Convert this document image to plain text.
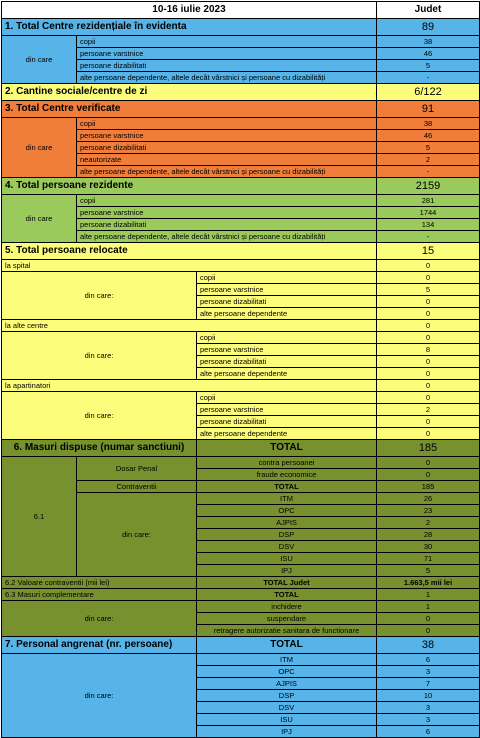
10-16 iulie 2023			Judet
1. Total Centre rezidențiale în evidenta			89
din care	copii		38
	persoane varstnice		46
	persoane dizabilitati		5
	alte persoane dependente, altele decât vârstnici și persoane cu dizabilități		-
2. Cantine sociale/centre de zi			6/122
3. Total Centre verificate			91
din care	copii		38
	persoane varstnice		46
	persoane dizabilitati		5
	neautorizate		2
	alte persoane dependente, altele decât vârstnici și persoane cu dizabilități		-
4. Total persoane rezidente			2159
din care	copii		281
	persoane varstnice		1744
	persoane dizabilitati		134
	alte persoane dependente, altele decât vârstnici și persoane cu dizabilități		-
5. Total persoane relocate			15
la spital			0
din care:		copii	0
		persoane varstnice	5
		persoane dizabilitati	0
		alte persoane dependente	0
la alte centre			0
din care:		copii	0
		persoane varstnice	8
		persoane dizabilitati	0
		alte persoane dependente	0
la apartinatori			0
din care:		copii	0
		persoane varstnice	2
		persoane dizabilitati	0
		alte persoane dependente	0
6. Masuri dispuse (numar sanctiuni)		TOTAL	185
6.1	Dosar Penal	contra persoanei	0
		fraude economice	0
	Contraventii	TOTAL	185
	din care:	ITM	26
		OPC	23
		AJPIS	2
		DSP	28
		DSV	30
		ISU	71
		IPJ	5
6.2 Valoare contraventii (mii lei)		TOTAL Judet	1.663,5 mii lei
6.3 Masuri complementare		TOTAL	1
din care:		inchidere	1
		suspendare	0
		retragere autorizatie sanitara de functionare	0
7. Personal angrenat (nr. persoane)		TOTAL	38
din care:		ITM	6
		OPC	3
		AJPIS	7
		DSP	10
		DSV	3
		ISU	3
		IPJ	6
